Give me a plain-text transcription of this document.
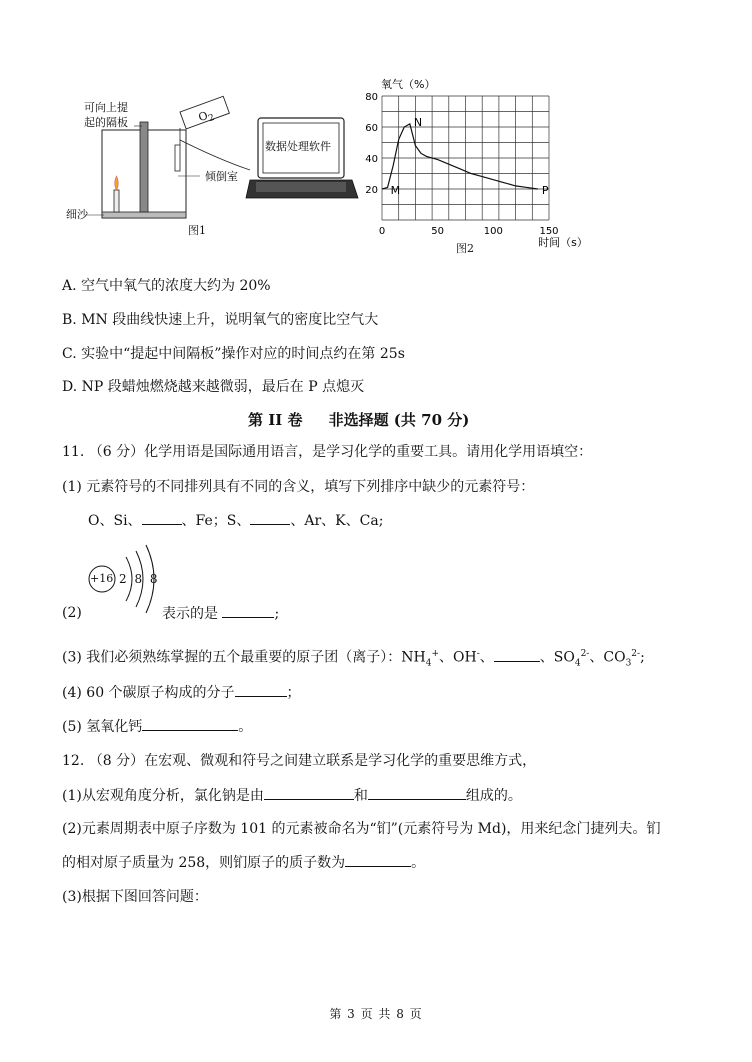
可向上提
起的隔板	$O_2$
细沙
倾倒室
数据处理软件
图1
20
40
60
80
0	50	100	150
氧气（%）
时间（s）
M
N
P
图2
A. 空气中氧气的浓度大约为 20%
B. MN 段曲线快速上升，说明氧气的密度比空气大
C. 实验中“提起中间隔板”操作对应的时间点约在第 25s
D. NP 段蜡烛燃烧越来越微弱，最后在 P 点熄灭
第 II 卷     非选择题 (共 70 分)
11. （6 分）化学用语是国际通用语言，是学习化学的重要工具。请用化学用语填空：
(1) 元素符号的不同排列具有不同的含义，填写下列排序中缺少的元素符号：
O、Si、	、Fe；S、	、Ar、K、Ca;
+16 2 8 8
(2)	表示的是	;
(3) 我们必须熟练掌握的五个最重要的原子团（离子）：$NH_4^+$、OH-、	、$SO_4^{2-}$、$CO_3^{2-}$;
(4) 60 个碳原子构成的分子	；
(5) 氢氧化钙	。
12. （8 分）在宏观、微观和符号之间建立联系是学习化学的重要思维方式，
(1)从宏观角度分析，氯化钠是由	和	组成的。
(2)元素周期表中原子序数为 101 的元素被命名为“钔”(元素符号为 Md)，用来纪念门捷列夫。钔
的相对原子质量为 258，则钔原子的质子数为	。
(3)根据下图回答问题：
第 3 页 共 8 页
